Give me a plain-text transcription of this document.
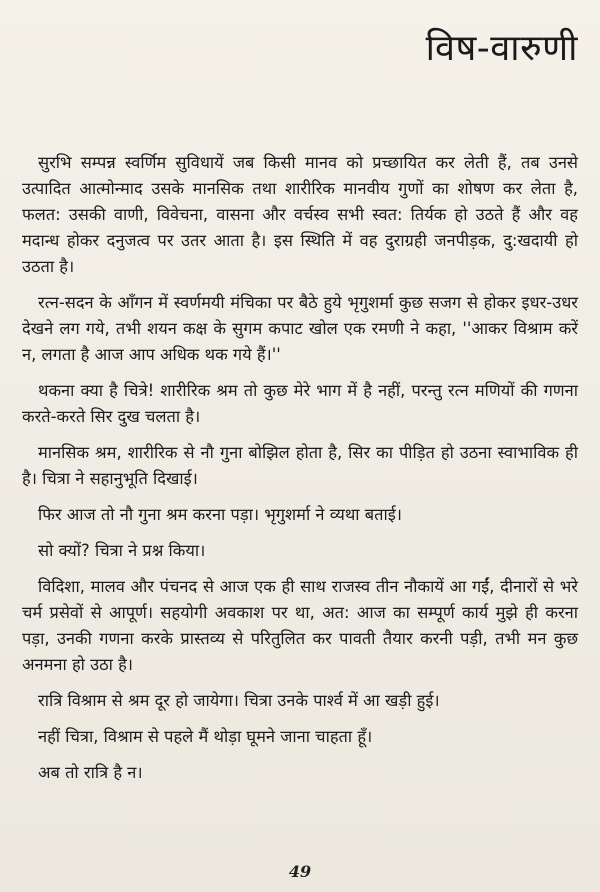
विष-वारुणी

सुरभि सम्पन्न स्वर्णिम सुविधायें जब किसी मानव को प्रच्छायित कर लेती हैं, तब उनसे उत्पादित आत्मोन्माद उसके मानसिक तथा शारीरिक मानवीय गुणों का शोषण कर लेता है, फलत: उसकी वाणी, विवेचना, वासना और वर्चस्व सभी स्वत: तिर्यक हो उठते हैं और वह मदान्ध होकर दनुजत्व पर उतर आता है। इस स्थिति में वह दुराग्रही जनपीड़क, दु:खदायी हो उठता है।

रत्न-सदन के आँगन में स्वर्णमयी मंचिका पर बैठे हुये भृगुशर्मा कुछ सजग से होकर इधर-उधर देखने लग गये, तभी शयन कक्ष के सुगम कपाट खोल एक रमणी ने कहा, ''आकर विश्राम करें न, लगता है आज आप अधिक थक गये हैं।''

थकना क्या है चित्रे! शारीरिक श्रम तो कुछ मेरे भाग में है नहीं, परन्तु रत्न मणियों की गणना करते-करते सिर दुख चलता है।

मानसिक श्रम, शारीरिक से नौ गुना बोझिल होता है, सिर का पीड़ित हो उठना स्वाभाविक ही है। चित्रा ने सहानुभूति दिखाई।

फिर आज तो नौ गुना श्रम करना पड़ा। भृगुशर्मा ने व्यथा बताई।

सो क्यों? चित्रा ने प्रश्न किया।

विदिशा, मालव और पंचनद से आज एक ही साथ राजस्व तीन नौकायें आ गईं, दीनारों से भरे चर्म प्रसेवों से आपूर्ण। सहयोगी अवकाश पर था, अत: आज का सम्पूर्ण कार्य मुझे ही करना पड़ा, उनकी गणना करके प्रास्तव्य से परितुलित कर पावती तैयार करनी पड़ी, तभी मन कुछ अनमना हो उठा है।

रात्रि विश्राम से श्रम दूर हो जायेगा। चित्रा उनके पार्श्व में आ खड़ी हुई।

नहीं चित्रा, विश्राम से पहले मैं थोड़ा घूमने जाना चाहता हूँ।

अब तो रात्रि है न।

49
